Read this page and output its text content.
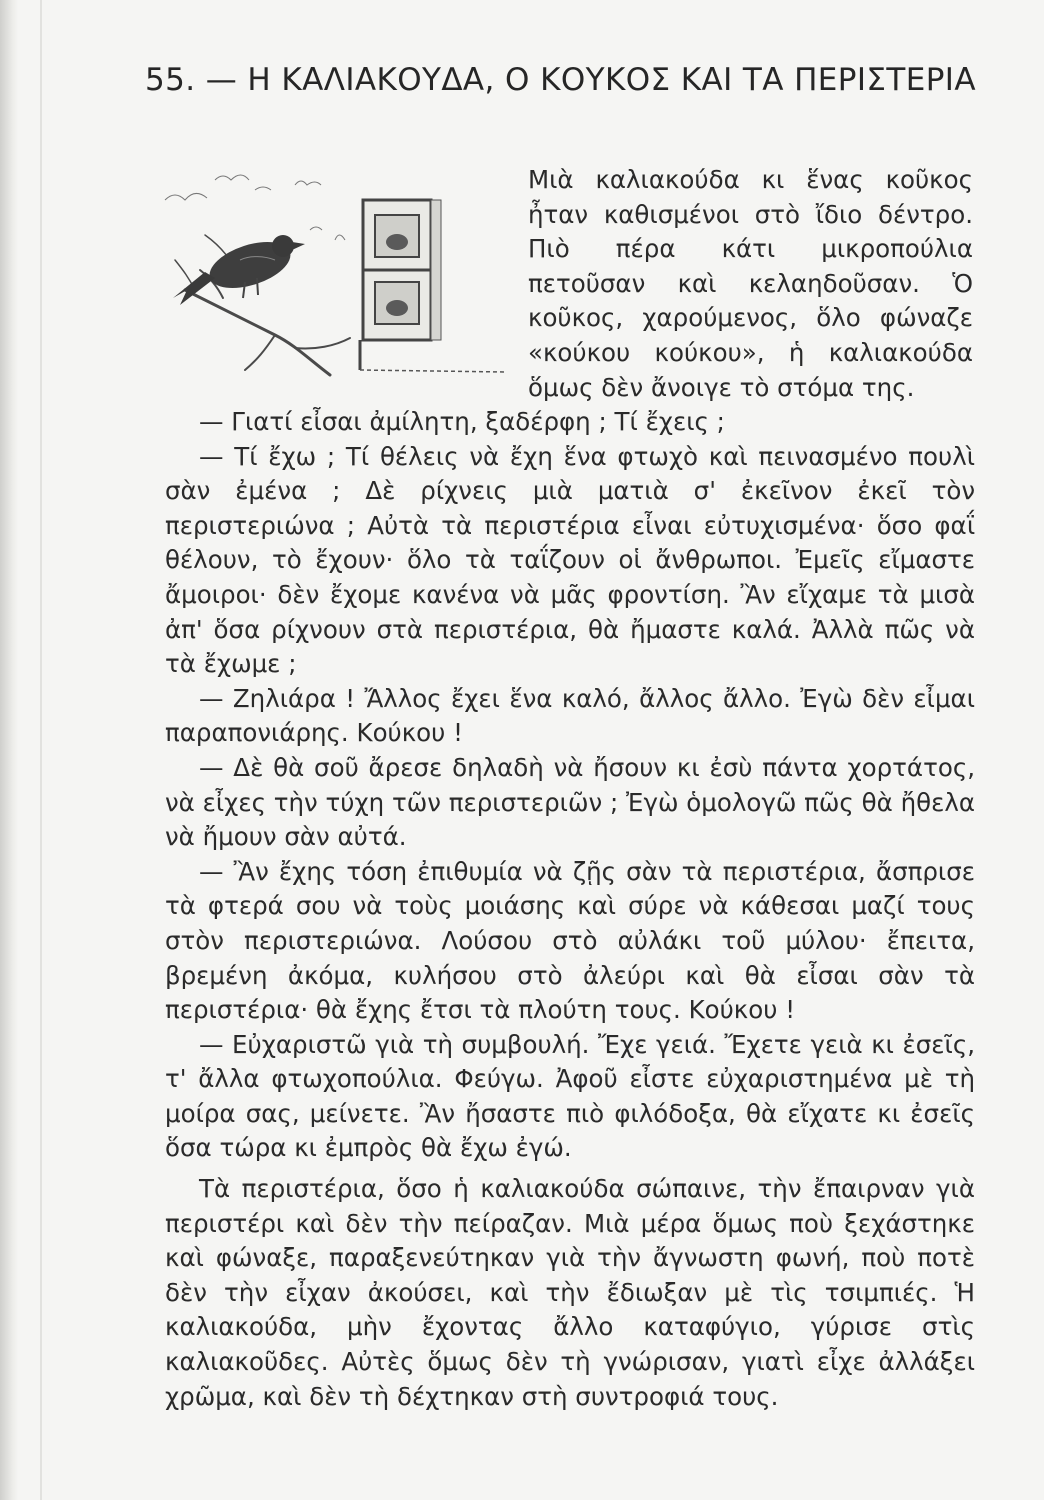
55. — Η ΚΑΛΙΑΚΟΥΔΑ, Ο ΚΟΥΚΟΣ ΚΑΙ ΤΑ ΠΕΡΙΣΤΕΡΙΑ

Μιὰ καλιακούδα κι ἕνας κοῦκος ἦταν καθισμένοι στὸ ἴδιο δέντρο. Πιὸ πέρα κάτι μικροπούλια πετοῦσαν καὶ κελαηδοῦσαν. Ὁ κοῦκος, χαρούμενος, ὅλο φώναζε «κούκου κούκου», ἡ καλιακούδα ὅμως δὲν ἄνοιγε τὸ στόμα της.

— Γιατί εἶσαι ἀμίλητη, ξαδέρφη ; Τί ἔχεις ;

— Τί ἔχω ; Τί θέλεις νὰ ἔχη ἕνα φτωχὸ καὶ πεινασμένο πουλὶ σὰν ἐμένα ; Δὲ ρίχνεις μιὰ ματιὰ σ' ἐκεῖνον ἐκεῖ τὸν περιστεριώνα ; Αὐτὰ τὰ περιστέρια εἶναι εὐτυχισμένα· ὅσο φαΐ θέλουν, τὸ ἔχουν· ὅλο τὰ ταΐζουν οἱ ἄνθρωποι. Ἐμεῖς εἴμαστε ἄμοιροι· δὲν ἔχομε κανένα νὰ μᾶς φροντίση. Ἂν εἴχαμε τὰ μισὰ ἀπ' ὅσα ρίχνουν στὰ περιστέρια, θὰ ἤμαστε καλά. Ἀλλὰ πῶς νὰ τὰ ἔχωμε ;

— Ζηλιάρα ! Ἄλλος ἔχει ἕνα καλό, ἄλλος ἄλλο. Ἐγὼ δὲν εἶμαι παραπονιάρης. Κούκου !

— Δὲ θὰ σοῦ ἄρεσε δηλαδὴ νὰ ἤσουν κι ἐσὺ πάντα χορτάτος, νὰ εἶχες τὴν τύχη τῶν περιστεριῶν ; Ἐγὼ ὁμολογῶ πῶς θὰ ἤθελα νὰ ἤμουν σὰν αὐτά.

— Ἂν ἔχης τόση ἐπιθυμία νὰ ζῇς σὰν τὰ περιστέρια, ἄσπρισε τὰ φτερά σου νὰ τοὺς μοιάσης καὶ σύρε νὰ κάθεσαι μαζί τους στὸν περιστεριώνα. Λούσου στὸ αὐλάκι τοῦ μύλου· ἔπειτα, βρεμένη ἀκόμα, κυλήσου στὸ ἀλεύρι καὶ θὰ εἶσαι σὰν τὰ περιστέρια· θὰ ἔχης ἔτσι τὰ πλούτη τους. Κούκου !

— Εὐχαριστῶ γιὰ τὴ συμβουλή. Ἔχε γειά. Ἔχετε γειὰ κι ἐσεῖς, τ' ἄλλα φτωχοπούλια. Φεύγω. Ἀφοῦ εἶστε εὐχαριστημένα μὲ τὴ μοίρα σας, μείνετε. Ἂν ἤσαστε πιὸ φιλόδοξα, θὰ εἴχατε κι ἐσεῖς ὅσα τώρα κι ἐμπρὸς θὰ ἔχω ἐγώ.

Τὰ περιστέρια, ὅσο ἡ καλιακούδα σώπαινε, τὴν ἔπαιρναν γιὰ περιστέρι καὶ δὲν τὴν πείραζαν. Μιὰ μέρα ὅμως ποὺ ξεχάστηκε καὶ φώναξε, παραξενεύτηκαν γιὰ τὴν ἄγνωστη φωνή, ποὺ ποτὲ δὲν τὴν εἶχαν ἀκούσει, καὶ τὴν ἔδιωξαν μὲ τὶς τσιμπιές. Ἡ καλιακούδα, μὴν ἔχοντας ἄλλο καταφύγιο, γύρισε στὶς καλιακοῦδες. Αὐτὲς ὅμως δὲν τὴ γνώρισαν, γιατὶ εἶχε ἀλλάξει χρῶμα, καὶ δὲν τὴ δέχτηκαν στὴ συντροφιά τους.
